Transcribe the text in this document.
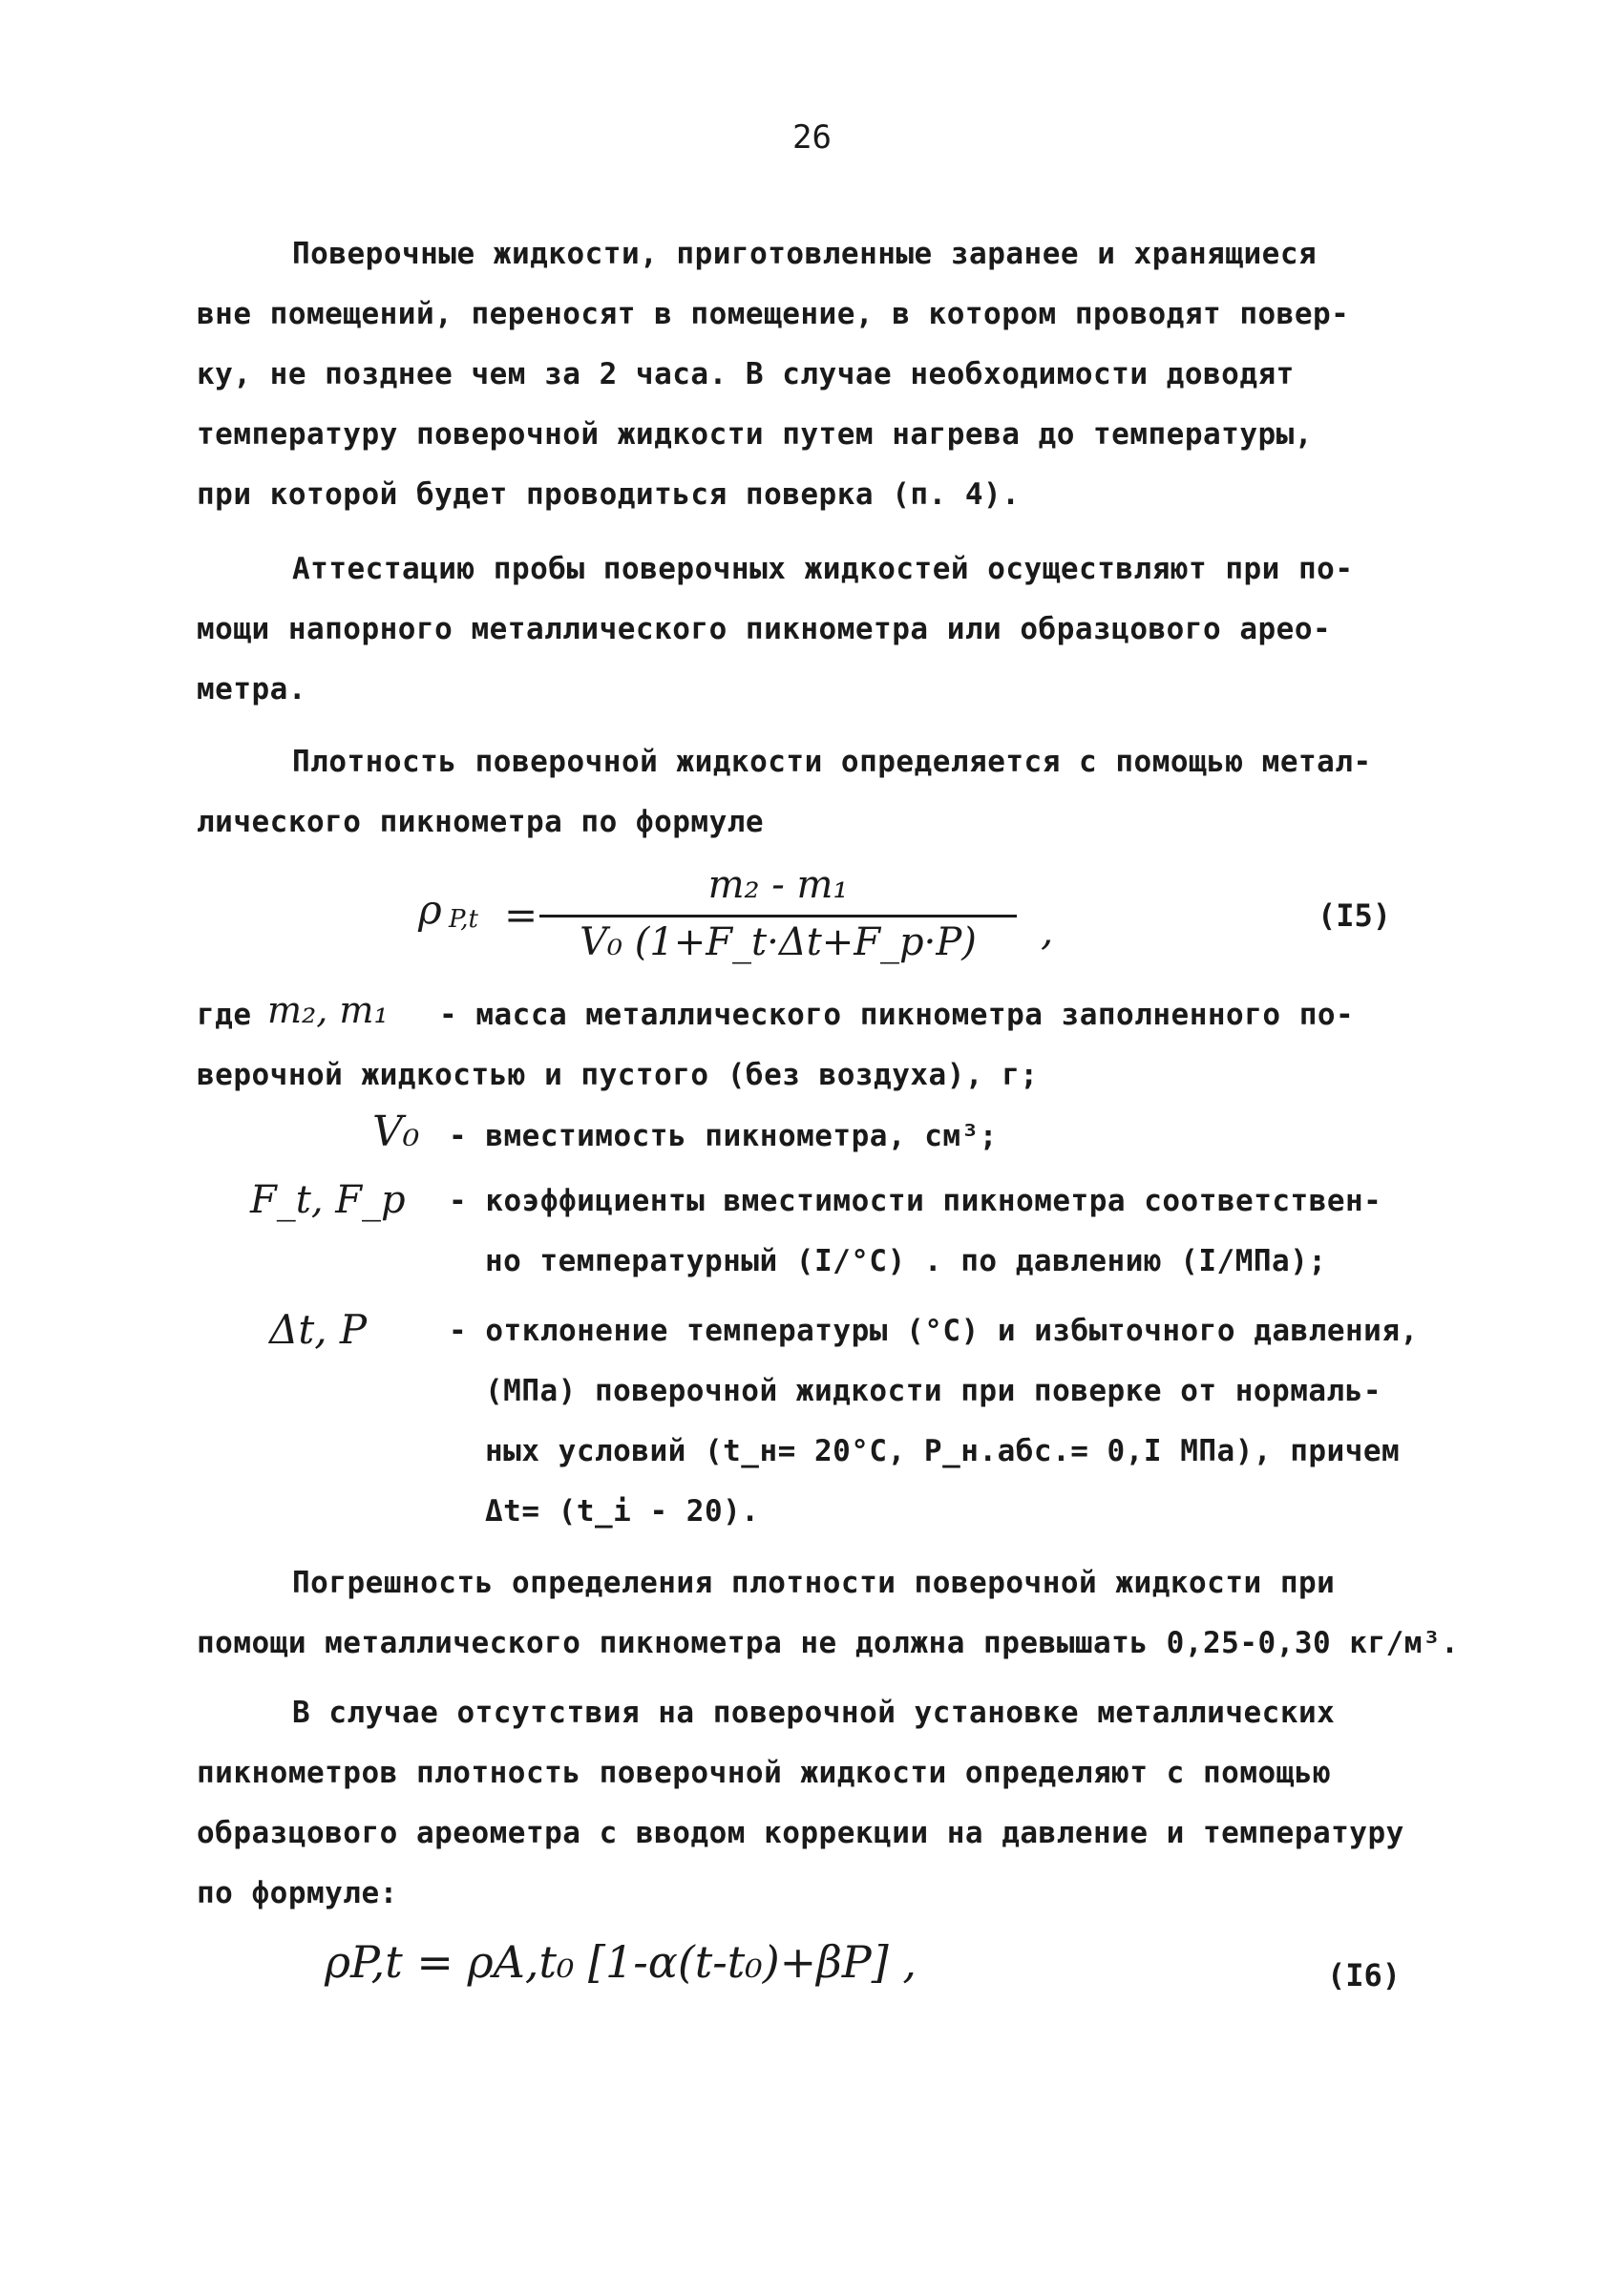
26
Поверочные жидкости, приготовленные заранее и хранящиеся
вне помещений, переносят в помещение, в котором проводят повер-
ку, не позднее чем за 2 часа. В случае необходимости доводят
температуру поверочной жидкости путем нагрева до температуры,
при которой будет проводиться поверка (п. 4).
Аттестацию пробы поверочных жидкостей осуществляют при по-
мощи напорного металлического пикнометра или образцового арео-
метра.
Плотность поверочной жидкости определяется с помощью метал-
лического пикнометра по формуле
ρ P,t =
m₂ - m₁
V₀ (1+F_t·Δt+F_p·P)	,	(I5)
где m₂, m₁ - масса металлического пикнометра заполненного по-
верочной жидкостью и пустого (без воздуха), г;
V₀ - вместимость пикнометра, см³;
F_t, F_p - коэффициенты вместимости пикнометра соответствен-
но температурный (I/°C) . по давлению (I/МПа);
Δt, P	- отклонение температуры (°C) и избыточного давления,
(МПа) поверочной жидкости при поверке от нормаль-
ных условий (t_н= 20°С, P_н.абс.= 0,I МПа), причем
Δt= (t_i - 20).
Погрешность определения плотности поверочной жидкости при
помощи металлического пикнометра не должна превышать 0,25-0,30 кг/м³.
В случае отсутствия на поверочной установке металлических
пикнометров плотность поверочной жидкости определяют с помощью
образцового ареометра с вводом коррекции на давление и температуру
по формуле:
ρP,t = ρA,t₀ [1-α(t-t₀)+βP] ,	(I6)
